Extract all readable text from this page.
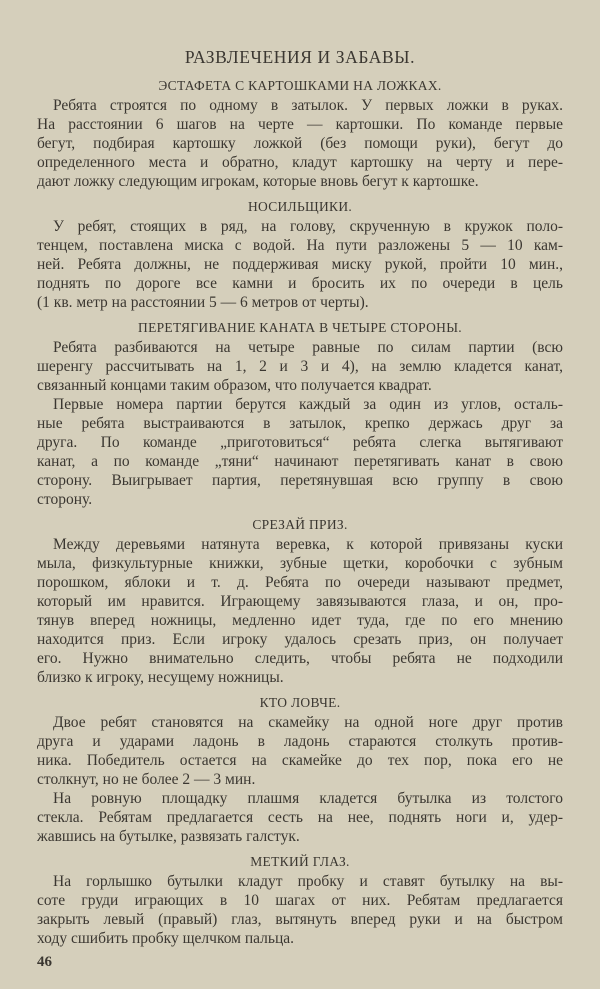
РАЗВЛЕЧЕНИЯ И ЗАБАВЫ.
ЭСТАФЕТА С КАРТОШКАМИ НА ЛОЖКАХ.
Ребята строятся по одному в затылок. У первых ложки в руках.
На расстоянии 6 шагов на черте — картошки. По команде первые
бегут, подбирая картошку ложкой (без помощи руки), бегут до
определенного места и обратно, кладут картошку на черту и пере-
дают ложку следующим игрокам, которые вновь бегут к картошке.
НОСИЛЬЩИКИ.
У ребят, стоящих в ряд, на голову, скрученную в кружок поло-
тенцем, поставлена миска с водой. На пути разложены 5 — 10 кам-
ней. Ребята должны, не поддерживая миску рукой, пройти 10 мин.,
поднять по дороге все камни и бросить их по очереди в цель
(1 кв. метр на расстоянии 5 — 6 метров от черты).
ПЕРЕТЯГИВАНИЕ КАНАТА В ЧЕТЫРЕ СТОРОНЫ.
Ребята разбиваются на четыре равные по силам партии (всю
шеренгу рассчитывать на 1, 2 и 3 и 4), на землю кладется канат,
связанный концами таким образом, что получается квадрат.
Первые номера партии берутся каждый за один из углов, осталь-
ные ребята выстраиваются в затылок, крепко держась друг за
друга. По команде „приготовиться“ ребята слегка вытягивают
канат, а по команде „тяни“ начинают перетягивать канат в свою
сторону. Выигрывает партия, перетянувшая всю группу в свою
сторону.
СРЕЗАЙ ПРИЗ.
Между деревьями натянута веревка, к которой привязаны куски
мыла, физкультурные книжки, зубные щетки, коробочки с зубным
порошком, яблоки и т. д. Ребята по очереди называют предмет,
который им нравится. Играющему завязываются глаза, и он, про-
тянув вперед ножницы, медленно идет туда, где по его мнению
находится приз. Если игроку удалось срезать приз, он получает
его. Нужно внимательно следить, чтобы ребята не подходили
близко к игроку, несущему ножницы.
КТО ЛОВЧЕ.
Двое ребят становятся на скамейку на одной ноге друг против
друга и ударами ладонь в ладонь стараются столкуть против-
ника. Победитель остается на скамейке до тех пор, пока его не
столкнут, но не более 2 — 3 мин.
На ровную площадку плашмя кладется бутылка из толстого
стекла. Ребятам предлагается сесть на нее, поднять ноги и, удер-
жавшись на бутылке, развязать галстук.
МЕТКИЙ ГЛАЗ.
На горлышко бутылки кладут пробку и ставят бутылку на вы-
соте груди играющих в 10 шагах от них. Ребятам предлагается
закрыть левый (правый) глаз, вытянуть вперед руки и на быстром
ходу сшибить пробку щелчком пальца.
46
